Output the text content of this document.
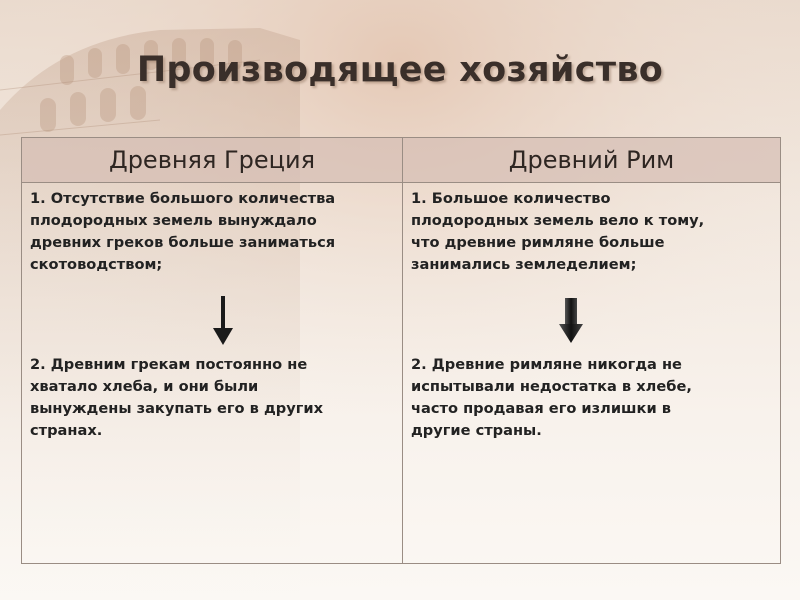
Производящее хозяйство
Древняя Греция	Древний Рим
1. Отсутствие большого количества
плодородных земель вынуждало
древних греков больше заниматься
скотоводством;
2. Древним грекам постоянно не
хватало хлеба, и они были
вынуждены закупать его в других
странах.
1. Большое количество
плодородных земель вело к тому,
что древние римляне больше
занимались земледелием;
2. Древние римляне никогда не
испытывали недостатка в хлебе,
часто продавая его излишки в
другие страны.
